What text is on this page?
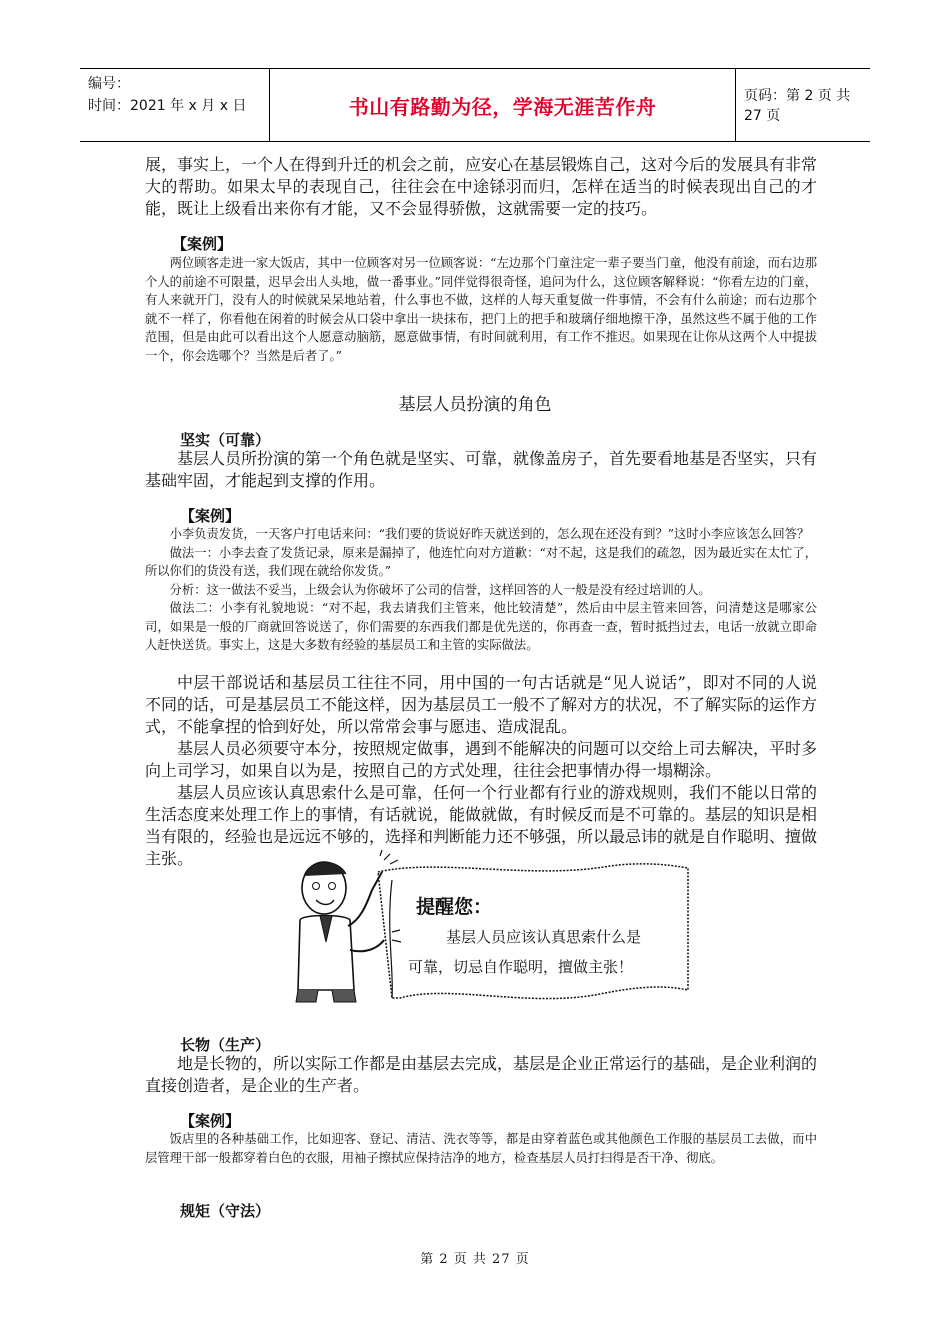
编号：
时间：2021 年 x 月 x 日	书山有路勤为径，学海无涯苦作舟	页码：第 2 页 共 27 页

展，事实上，一个人在得到升迁的机会之前，应安心在基层锻炼自己，这对今后的发展具有非常大的帮助。如果太早的表现自己，往往会在中途铩羽而归，怎样在适当的时候表现出自己的才能，既让上级看出来你有才能，又不会显得骄傲，这就需要一定的技巧。

【案例】

两位顾客走进一家大饭店，其中一位顾客对另一位顾客说：“左边那个门童注定一辈子要当门童，他没有前途，而右边那个人的前途不可限量，迟早会出人头地，做一番事业。”同伴觉得很奇怪，追问为什么，这位顾客解释说：“你看左边的门童，有人来就开门，没有人的时候就呆呆地站着，什么事也不做，这样的人每天重复做一件事情，不会有什么前途；而右边那个就不一样了，你看他在闲着的时候会从口袋中拿出一块抹布，把门上的把手和玻璃仔细地擦干净，虽然这些不属于他的工作范围，但是由此可以看出这个人愿意动脑筋，愿意做事情，有时间就利用，有工作不推迟。如果现在让你从这两个人中提拔一个，你会选哪个？当然是后者了。”

基层人员扮演的角色
坚实（可靠）

基层人员所扮演的第一个角色就是坚实、可靠，就像盖房子，首先要看地基是否坚实，只有基础牢固，才能起到支撑的作用。

【案例】

小李负责发货，一天客户打电话来问：“我们要的货说好昨天就送到的，怎么现在还没有到？”这时小李应该怎么回答？

做法一：小李去查了发货记录，原来是漏掉了，他连忙向对方道歉：“对不起，这是我们的疏忽，因为最近实在太忙了，所以你们的货没有送，我们现在就给你发货。”

分析：这一做法不妥当，上级会认为你破坏了公司的信誉，这样回答的人一般是没有经过培训的人。

做法二：小李有礼貌地说：“对不起，我去请我们主管来，他比较清楚”，然后由中层主管来回答，问清楚这是哪家公司，如果是一般的厂商就回答说送了，你们需要的东西我们都是优先送的，你再查一查，暂时抵挡过去，电话一放就立即命人赶快送货。事实上，这是大多数有经验的基层员工和主管的实际做法。

中层干部说话和基层员工往往不同，用中国的一句古话就是“见人说话”，即对不同的人说不同的话，可是基层员工不能这样，因为基层员工一般不了解对方的状况，不了解实际的运作方式，不能拿捏的恰到好处，所以常常会事与愿违、造成混乱。

基层人员必须要守本分，按照规定做事，遇到不能解决的问题可以交给上司去解决，平时多向上司学习，如果自以为是，按照自己的方式处理，往往会把事情办得一塌糊涂。

基层人员应该认真思索什么是可靠，任何一个行业都有行业的游戏规则，我们不能以日常的生活态度来处理工作上的事情，有话就说，能做就做，有时候反而是不可靠的。基层的知识是相当有限的，经验也是远远不够的，选择和判断能力还不够强，所以最忌讳的就是自作聪明、擅做主张。

提醒您：
基层人员应该认真思索什么是
可靠，切忌自作聪明，擅做主张！
长物（生产）

地是长物的，所以实际工作都是由基层去完成，基层是企业正常运行的基础，是企业利润的直接创造者，是企业的生产者。

【案例】

饭店里的各种基础工作，比如迎客、登记、清洁、洗衣等等，都是由穿着蓝色或其他颜色工作服的基层员工去做，而中层管理干部一般都穿着白色的衣服，用袖子擦拭应保持洁净的地方，检查基层人员打扫得是否干净、彻底。

规矩（守法）
第 2 页 共 27 页
